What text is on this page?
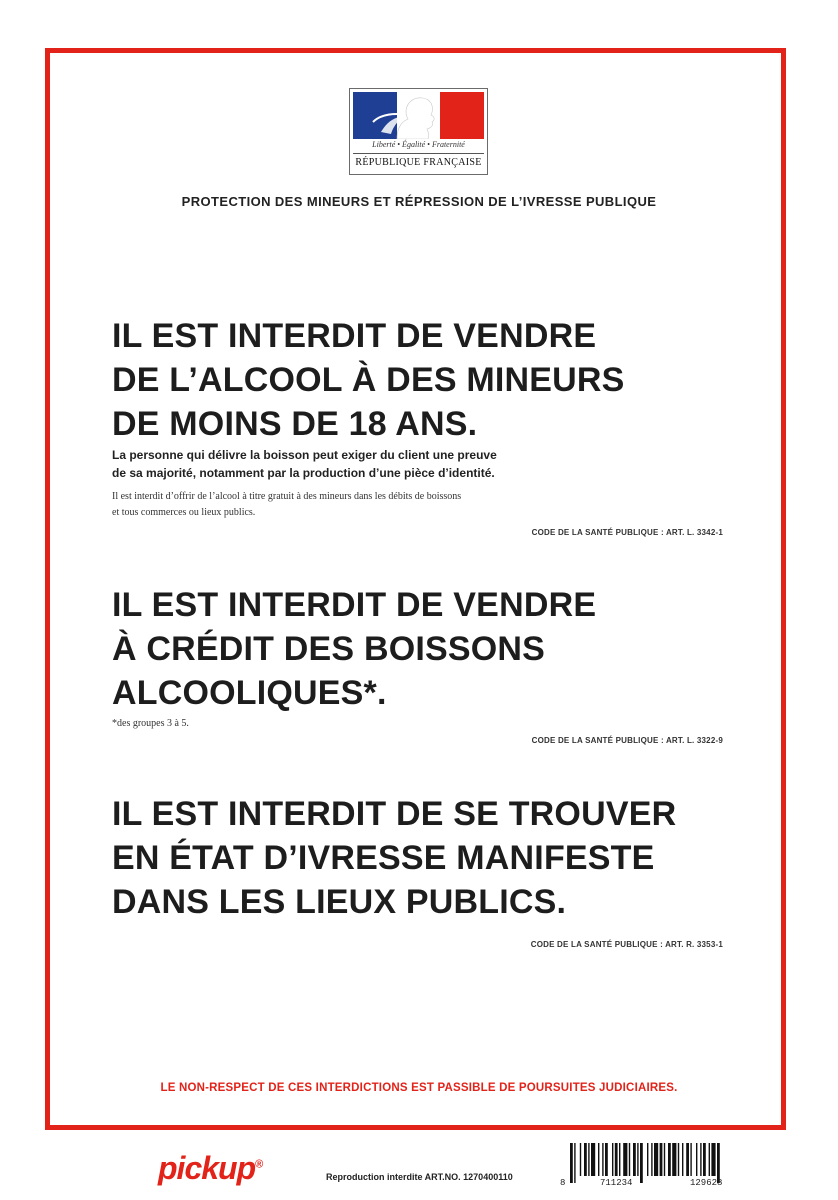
Liberté • Égalité • Fraternité
RÉPUBLIQUE FRANÇAISE
PROTECTION DES MINEURS ET RÉPRESSION DE L’IVRESSE PUBLIQUE
IL EST INTERDIT DE VENDRE
DE L’ALCOOL À DES MINEURS
DE MOINS DE 18 ANS.
La personne qui délivre la boisson peut exiger du client une preuve
de sa majorité, notamment par la production d’une pièce d’identité.
Il est interdit d’offrir de l’alcool à titre gratuit à des mineurs dans les débits de boissons
et tous commerces ou lieux publics.
CODE DE LA SANTÉ PUBLIQUE : ART. L. 3342-1
IL EST INTERDIT DE VENDRE
À CRÉDIT DES BOISSONS
ALCOOLIQUES*.
*des groupes 3 à 5.
CODE DE LA SANTÉ PUBLIQUE : ART. L. 3322-9
IL EST INTERDIT DE SE TROUVER
EN ÉTAT D’IVRESSE MANIFESTE
DANS LES LIEUX PUBLICS.
CODE DE LA SANTÉ PUBLIQUE : ART. R. 3353-1
LE NON-RESPECT DE CES INTERDICTIONS EST PASSIBLE DE POURSUITES JUDICIAIRES.
pickup®
Reproduction interdite ART.NO. 1270400110
8	711234	129628
